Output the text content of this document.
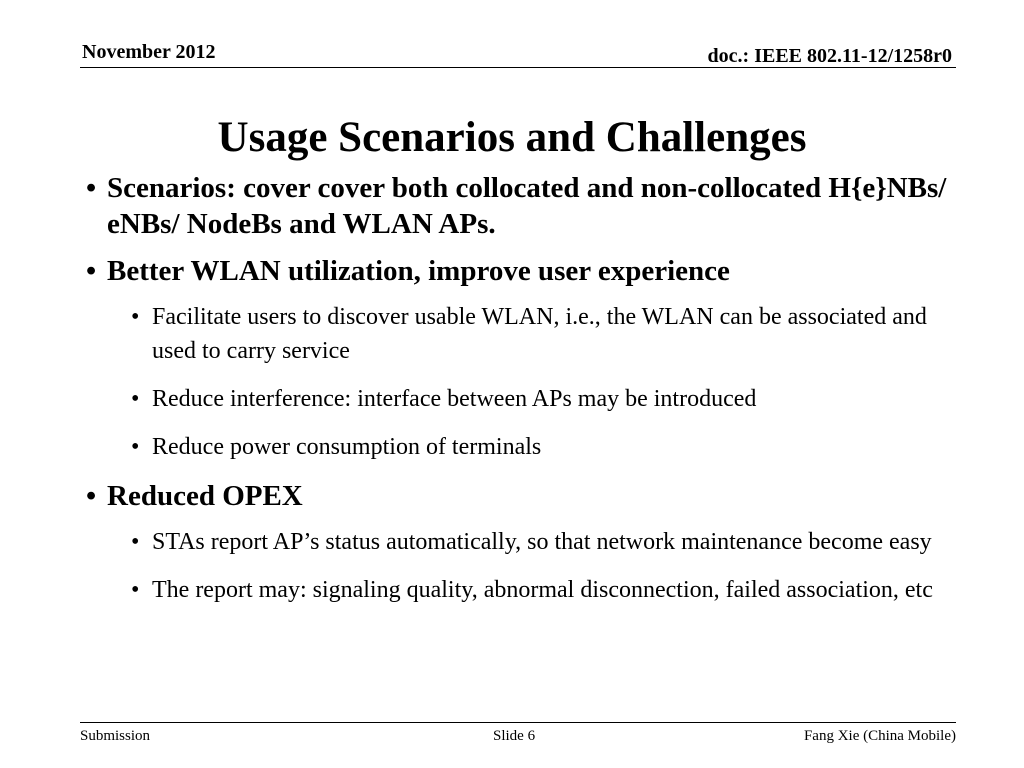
November 2012	doc.: IEEE 802.11-12/1258r0
Usage Scenarios and Challenges
• Scenarios: cover cover both collocated and non-collocated H{e}NBs/ eNBs/ NodeBs and WLAN APs.
• Better WLAN utilization, improve user experience
• Facilitate users to discover usable WLAN, i.e., the WLAN can be associated and used to carry service
• Reduce interference: interface between APs may be introduced
• Reduce power consumption of terminals
• Reduced OPEX
• STAs report AP’s status automatically, so that network maintenance become easy
• The report may: signaling quality, abnormal disconnection, failed association, etc
Submission	Slide 6	Fang Xie (China Mobile)
